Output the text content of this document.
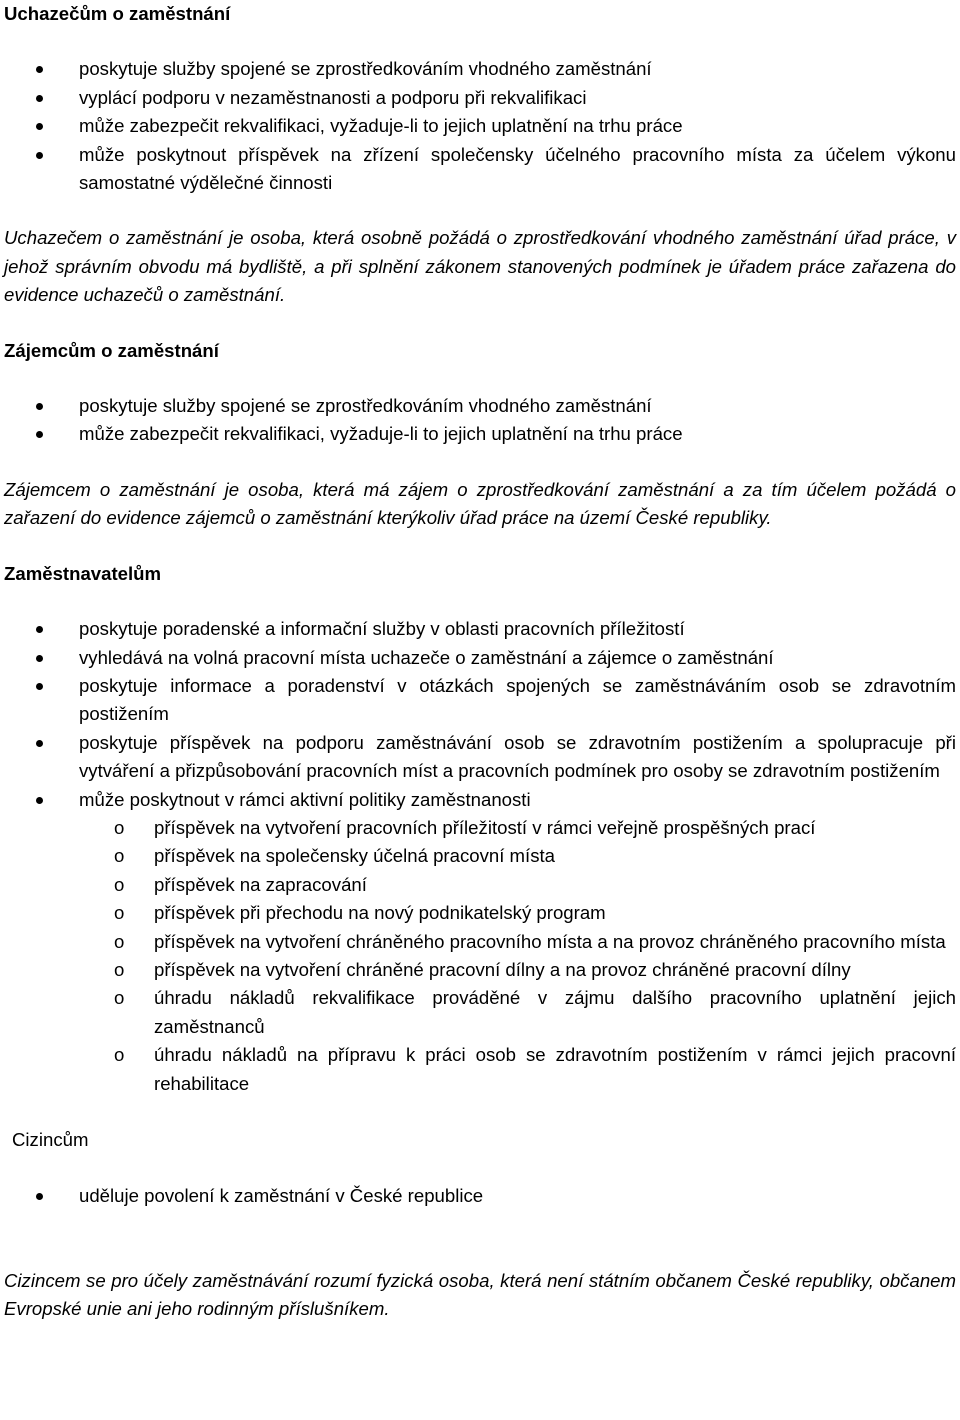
Uchazečům o zaměstnání

poskytuje služby spojené se zprostředkováním vhodného zaměstnání
vyplácí podporu v nezaměstnanosti a podporu při rekvalifikaci
může zabezpečit rekvalifikaci, vyžaduje-li to jejich uplatnění na trhu práce
může poskytnout příspěvek na zřízení společensky účelného pracovního místa za účelem výkonu samostatné výdělečné činnosti

Uchazečem o zaměstnání je osoba, která osobně požádá o zprostředkování vhodného zaměstnání úřad práce, v jehož správním obvodu má bydliště, a při splnění zákonem stanovených podmínek je úřadem práce zařazena do evidence uchazečů o zaměstnání.

Zájemcům o zaměstnání

poskytuje služby spojené se zprostředkováním vhodného zaměstnání
může zabezpečit rekvalifikaci, vyžaduje-li to jejich uplatnění na trhu práce

Zájemcem o zaměstnání je osoba, která má zájem o zprostředkování zaměstnání a za tím účelem požádá o zařazení do evidence zájemců o zaměstnání kterýkoliv úřad práce na území České republiky.

Zaměstnavatelům

poskytuje poradenské a informační služby v oblasti pracovních příležitostí
vyhledává na volná pracovní místa uchazeče o zaměstnání a zájemce o zaměstnání
poskytuje informace a poradenství v otázkách spojených se zaměstnáváním osob se zdravotním postižením
poskytuje příspěvek na podporu zaměstnávání osob se zdravotním postižením a spolupracuje při vytváření a přizpůsobování pracovních míst a pracovních podmínek pro osoby se zdravotním postižením
může poskytnout v rámci aktivní politiky zaměstnanosti
o příspěvek na vytvoření pracovních příležitostí v rámci veřejně prospěšných prací
o příspěvek na společensky účelná pracovní místa
o příspěvek na zapracování
o příspěvek při přechodu na nový podnikatelský program
o příspěvek na vytvoření chráněného pracovního místa a na provoz chráněného pracovního místa
o příspěvek na vytvoření chráněné pracovní dílny a na provoz chráněné pracovní dílny
o úhradu nákladů rekvalifikace prováděné v zájmu dalšího pracovního uplatnění jejich zaměstnanců
o úhradu nákladů na přípravu k práci osob se zdravotním postižením v rámci jejich pracovní rehabilitace

Cizincům

uděluje povolení k zaměstnání v České republice

Cizincem se pro účely zaměstnávání rozumí fyzická osoba, která není státním občanem České republiky, občanem Evropské unie ani jeho rodinným příslušníkem.
